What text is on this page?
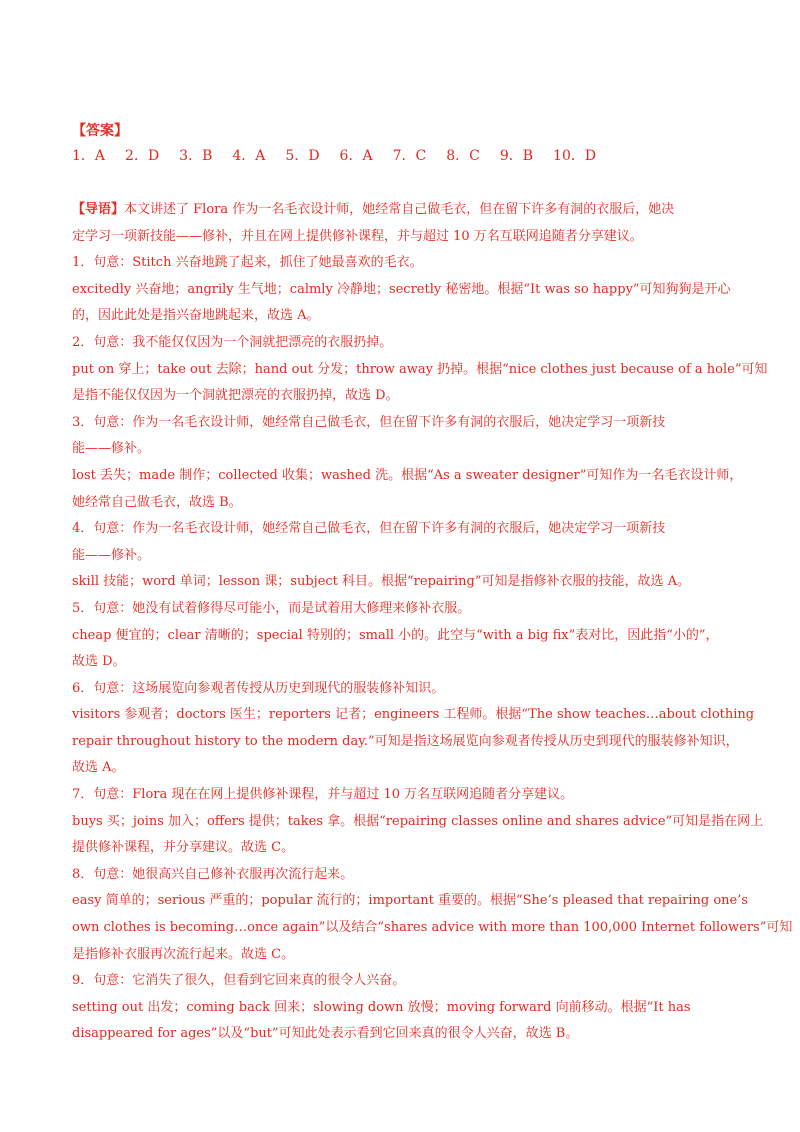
【答案】
1．A 2．D 3．B 4．A 5．D 6．A 7．C 8．C 9．B 10．D
【导语】本文讲述了 Flora 作为一名毛衣设计师，她经常自己做毛衣，但在留下许多有洞的衣服后，她决
定学习一项新技能——修补，并且在网上提供修补课程，并与超过 10 万名互联网追随者分享建议。
1．句意：Stitch 兴奋地跳了起来，抓住了她最喜欢的毛衣。
excitedly 兴奋地；angrily 生气地；calmly 冷静地；secretly 秘密地。根据“It was so happy”可知狗狗是开心
的，因此此处是指兴奋地跳起来，故选 A。
2．句意：我不能仅仅因为一个洞就把漂亮的衣服扔掉。
put on 穿上；take out 去除；hand out 分发；throw away 扔掉。根据“nice clothes just because of a hole”可知
是指不能仅仅因为一个洞就把漂亮的衣服扔掉，故选 D。
3．句意：作为一名毛衣设计师，她经常自己做毛衣，但在留下许多有洞的衣服后，她决定学习一项新技
能——修补。
lost 丢失；made 制作；collected 收集；washed 洗。根据“As a sweater designer”可知作为一名毛衣设计师，
她经常自己做毛衣，故选 B。
4．句意：作为一名毛衣设计师，她经常自己做毛衣，但在留下许多有洞的衣服后，她决定学习一项新技
能——修补。
skill 技能；word 单词；lesson 课；subject 科目。根据“repairing”可知是指修补衣服的技能，故选 A。
5．句意：她没有试着修得尽可能小，而是试着用大修理来修补衣服。
cheap 便宜的；clear 清晰的；special 特别的；small 小的。此空与“with a big fix”表对比，因此指“小的”，
故选 D。
6．句意：这场展览向参观者传授从历史到现代的服装修补知识。
visitors 参观者；doctors 医生；reporters 记者；engineers 工程师。根据“The show teaches…about clothing
repair throughout history to the modern day.”可知是指这场展览向参观者传授从历史到现代的服装修补知识，
故选 A。
7．句意：Flora 现在在网上提供修补课程，并与超过 10 万名互联网追随者分享建议。
buys 买；joins 加入；offers 提供；takes 拿。根据“repairing classes online and shares advice”可知是指在网上
提供修补课程，并分享建议。故选 C。
8．句意：她很高兴自己修补衣服再次流行起来。
easy 简单的；serious 严重的；popular 流行的；important 重要的。根据“She’s pleased that repairing one’s
own clothes is becoming…once again”以及结合“shares advice with more than 100,000 Internet followers”可知
是指修补衣服再次流行起来。故选 C。
9．句意：它消失了很久，但看到它回来真的很令人兴奋。
setting out 出发；coming back 回来；slowing down 放慢；moving forward 向前移动。根据“It has
disappeared for ages”以及“but”可知此处表示看到它回来真的很令人兴奋，故选 B。
